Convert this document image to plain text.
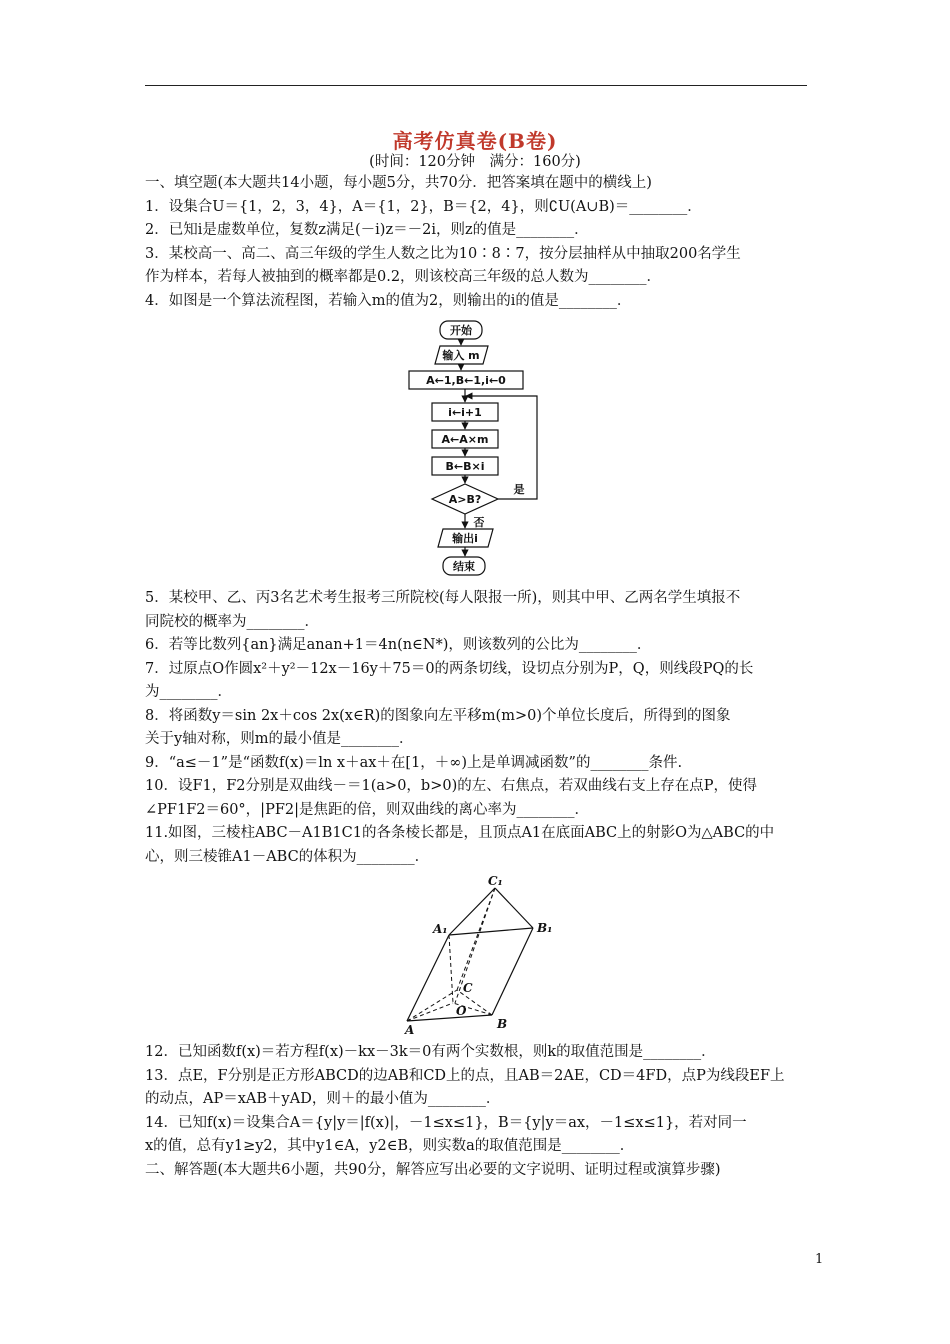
高考仿真卷(B卷)
(时间：120分钟　满分：160分)

一、填空题(本大题共14小题，每小题5分，共70分．把答案填在题中的横线上)

1．设集合U＝{1，2，3，4}，A＝{1，2}，B＝{2，4}，则∁U(A∪B)＝________．

2．已知i是虚数单位，复数z满足(－i)z＝－2i，则z的值是________．

3．某校高一、高二、高三年级的学生人数之比为10∶8∶7，按分层抽样从中抽取200名学生

作为样本，若每人被抽到的概率都是0.2，则该校高三年级的总人数为________．

4．如图是一个算法流程图，若输入m的值为2，则输出的i的值是________．

开始
输入 m
A←1,B←1,i←0
i←i+1
A←A×m
B←B×i
A>B?
是
否
输出i
结束

5．某校甲、乙、丙3名艺术考生报考三所院校(每人限报一所)，则其中甲、乙两名学生填报不

同院校的概率为________．

6．若等比数列{an}满足anan+1＝4n(n∈N*)，则该数列的公比为________．

7．过原点O作圆x²＋y²－12x－16y＋75＝0的两条切线，设切点分别为P，Q，则线段PQ的长

为________．

8．将函数y＝sin 2x＋cos 2x(x∈R)的图象向左平移m(m>0)个单位长度后，所得到的图象

关于y轴对称，则m的最小值是________．

9．“a≤－1”是“函数f(x)＝ln x＋ax＋在[1，＋∞)上是单调减函数”的________条件.

10．设F1，F2分别是双曲线－＝1(a>0，b>0)的左、右焦点，若双曲线右支上存在点P，使得

∠PF1F2＝60°，|PF2|是焦距的倍，则双曲线的离心率为________．

11.如图，三棱柱ABC－A1B1C1的各条棱长都是，且顶点A1在底面ABC上的射影O为△ABC的中

心，则三棱锥A1－ABC的体积为________．

C₁
A₁	B₁
C
O
A	B

12．已知函数f(x)＝若方程f(x)－kx－3k＝0有两个实数根，则k的取值范围是________．

13．点E，F分别是正方形ABCD的边AB和CD上的点，且AB＝2AE，CD＝4FD，点P为线段EF上

的动点，AP＝xAB＋yAD，则＋的最小值为________．

14．已知f(x)＝设集合A＝{y|y＝|f(x)|，－1≤x≤1}，B＝{y|y＝ax，－1≤x≤1}，若对同一

x的值，总有y1≥y2，其中y1∈A，y2∈B，则实数a的取值范围是________．

二、解答题(本大题共6小题，共90分，解答应写出必要的文字说明、证明过程或演算步骤)

1
